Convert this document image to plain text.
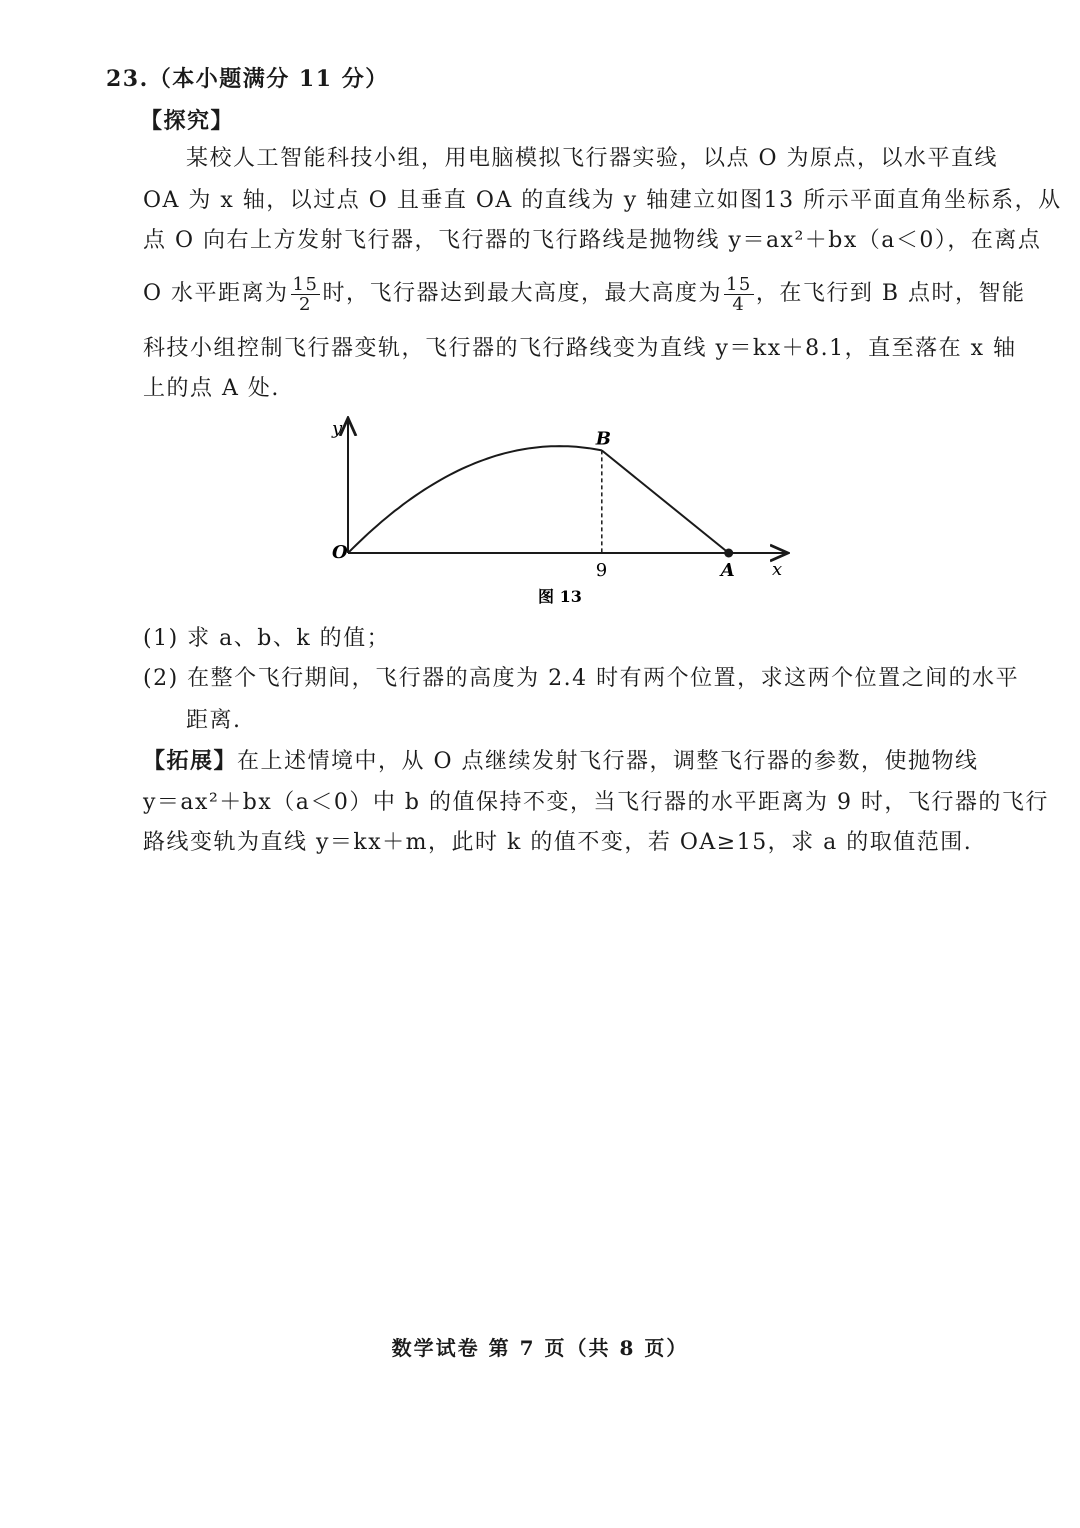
23.（本小题满分 11 分）
【探究】
某校人工智能科技小组，用电脑模拟飞行器实验，以点 O 为原点，以水平直线
OA 为 x 轴，以过点 O 且垂直 OA 的直线为 y 轴建立如图13 所示平面直角坐标系，从
点 O 向右上方发射飞行器，飞行器的飞行路线是抛物线 y＝ax²＋bx（a＜0），在离点
O 水平距离为 $\frac{15}{2}$ 时，飞行器达到最大高度，最大高度为 $\frac{15}{4}$ ，在飞行到 B 点时，智能
科技小组控制飞行器变轨，飞行器的飞行路线变为直线 y＝kx＋8.1，直至落在 x 轴
上的点 A 处.
y
x
O
B
A
9
图 13
(1) 求 a、b、k 的值；
(2) 在整个飞行期间，飞行器的高度为 2.4 时有两个位置，求这两个位置之间的水平
距离.
【拓展】在上述情境中，从 O 点继续发射飞行器，调整飞行器的参数，使抛物线
y＝ax²＋bx（a＜0）中 b 的值保持不变，当飞行器的水平距离为 9 时，飞行器的飞行
路线变轨为直线 y＝kx＋m，此时 k 的值不变，若 OA≥15，求 a 的取值范围.
数学试卷 第 7 页（共 8 页）
